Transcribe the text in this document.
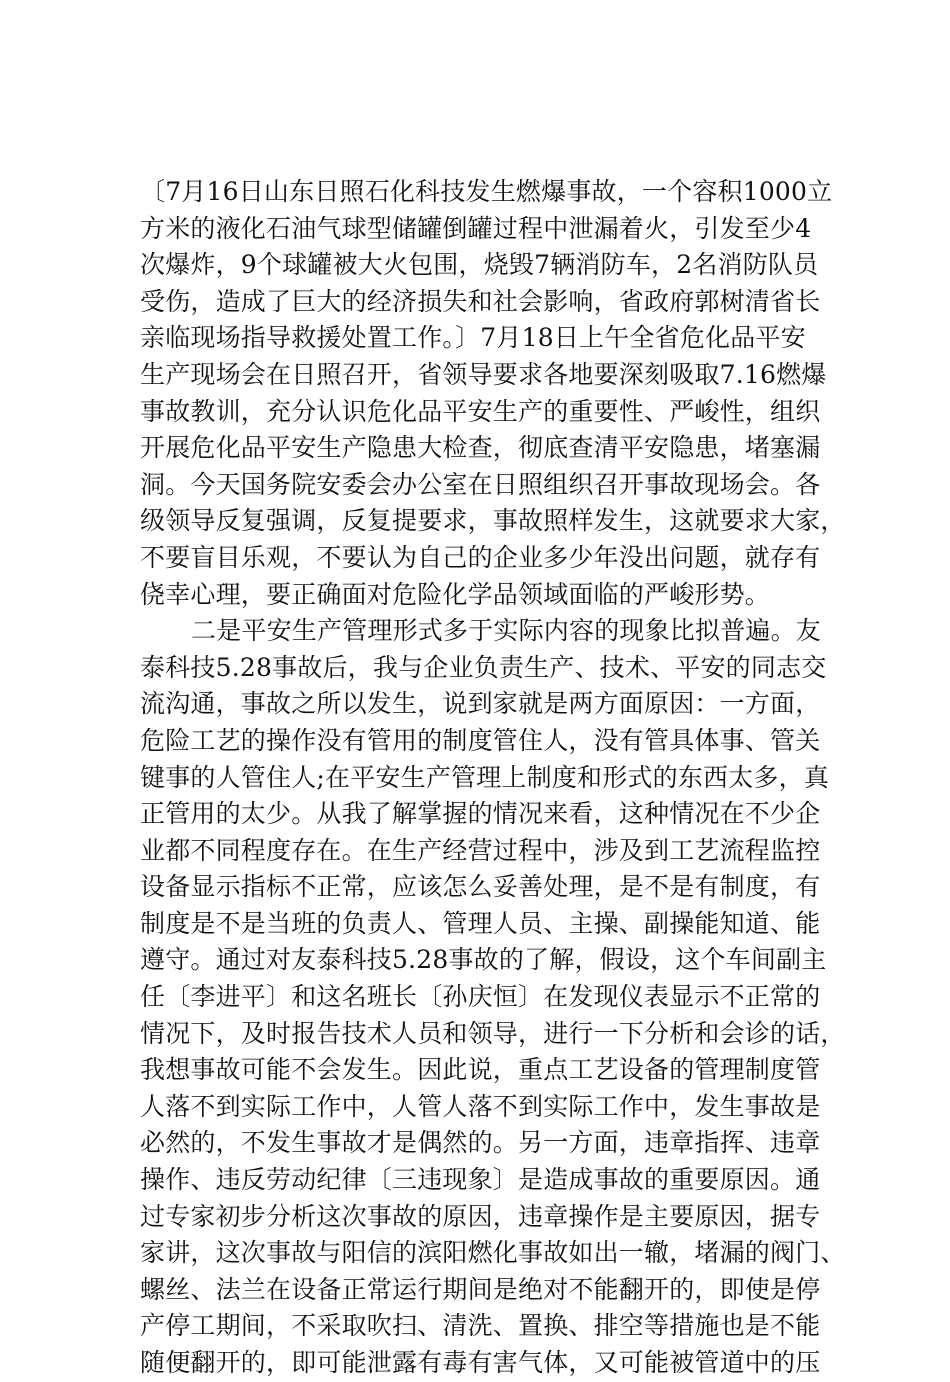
〔7月16日山东日照石化科技发生燃爆事故，一个容积1000立
方米的液化石油气球型储罐倒罐过程中泄漏着火，引发至少4
次爆炸，9个球罐被大火包围，烧毁7辆消防车，2名消防队员
受伤，造成了巨大的经济损失和社会影响，省政府郭树清省长
亲临现场指导救援处置工作。〕7月18日上午全省危化品平安
生产现场会在日照召开，省领导要求各地要深刻吸取7.16燃爆
事故教训，充分认识危化品平安生产的重要性、严峻性，组织
开展危化品平安生产隐患大检查，彻底查清平安隐患，堵塞漏
洞。今天国务院安委会办公室在日照组织召开事故现场会。各
级领导反复强调，反复提要求，事故照样发生，这就要求大家，
不要盲目乐观，不要认为自己的企业多少年没出问题，就存有
侥幸心理，要正确面对危险化学品领域面临的严峻形势。
二是平安生产管理形式多于实际内容的现象比拟普遍。友
泰科技5.28事故后，我与企业负责生产、技术、平安的同志交
流沟通，事故之所以发生，说到家就是两方面原因：一方面，
危险工艺的操作没有管用的制度管住人，没有管具体事、管关
键事的人管住人;在平安生产管理上制度和形式的东西太多，真
正管用的太少。从我了解掌握的情况来看，这种情况在不少企
业都不同程度存在。在生产经营过程中，涉及到工艺流程监控
设备显示指标不正常，应该怎么妥善处理，是不是有制度，有
制度是不是当班的负责人、管理人员、主操、副操能知道、能
遵守。通过对友泰科技5.28事故的了解，假设，这个车间副主
任〔李进平〕和这名班长〔孙庆恒〕在发现仪表显示不正常的
情况下，及时报告技术人员和领导，进行一下分析和会诊的话，
我想事故可能不会发生。因此说，重点工艺设备的管理制度管
人落不到实际工作中，人管人落不到实际工作中，发生事故是
必然的，不发生事故才是偶然的。另一方面，违章指挥、违章
操作、违反劳动纪律〔三违现象〕是造成事故的重要原因。通
过专家初步分析这次事故的原因，违章操作是主要原因，据专
家讲，这次事故与阳信的滨阳燃化事故如出一辙，堵漏的阀门、
螺丝、法兰在设备正常运行期间是绝对不能翻开的，即使是停
产停工期间，不采取吹扫、清洗、置换、排空等措施也是不能
随便翻开的，即可能泄露有毒有害气体，又可能被管道中的压
